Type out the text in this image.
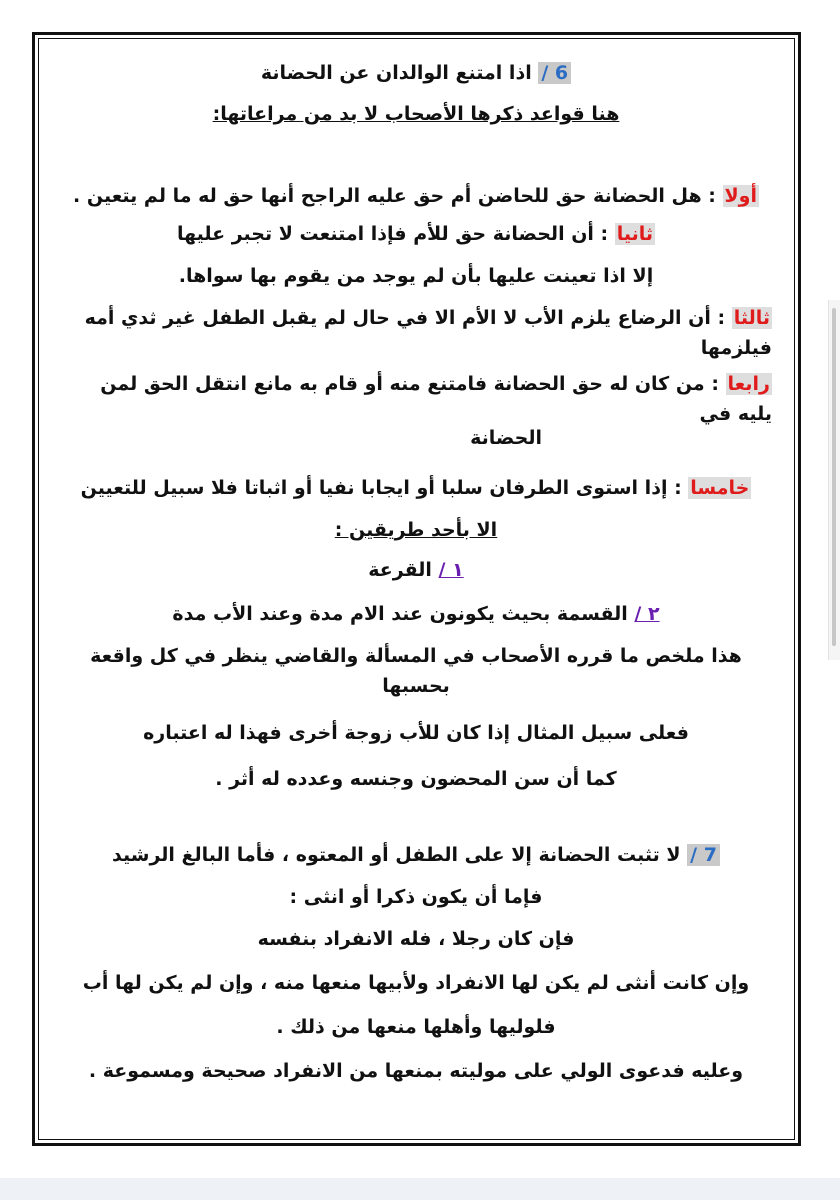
6 / اذا امتنع الوالدان عن الحضانة

هنا قواعد ذكرها الأصحاب لا بد من مراعاتها:

أولا : هل الحضانة حق للحاضن أم حق عليه الراجح أنها حق له ما لم يتعين .

ثانيا : أن الحضانة حق للأم فإذا امتنعت لا تجبر عليها

إلا اذا تعينت عليها بأن لم يوجد من يقوم بها سواها.

ثالثا : أن الرضاع يلزم الأب لا الأم الا في حال لم يقبل الطفل غير ثدي أمه فيلزمها

رابعا : من كان له حق الحضانة فامتنع منه أو قام به مانع انتقل الحق لمن يليه في

الحضانة

خامسا : إذا استوى الطرفان سلبا أو ايجابا نفيا أو اثباتا فلا سبيل للتعيين

الا بأحد طريقين :

١ / القرعة

٢ / القسمة بحيث يكونون عند الام مدة وعند الأب مدة

هذا ملخص ما قرره الأصحاب في المسألة والقاضي ينظر في كل واقعة بحسبها

فعلى سبيل المثال إذا كان للأب زوجة أخرى فهذا له اعتباره

كما أن سن المحضون وجنسه وعدده له أثر .

7 / لا تثبت الحضانة إلا على الطفل أو المعتوه ، فأما البالغ الرشيد

فإما أن يكون ذكرا أو انثى :

فإن كان رجلا ، فله الانفراد بنفسه

وإن كانت أنثى لم يكن لها الانفراد ولأبيها منعها منه ، وإن لم يكن لها أب

فلوليها وأهلها منعها من ذلك .

وعليه فدعوى الولي على موليته بمنعها من الانفراد صحيحة ومسموعة .
